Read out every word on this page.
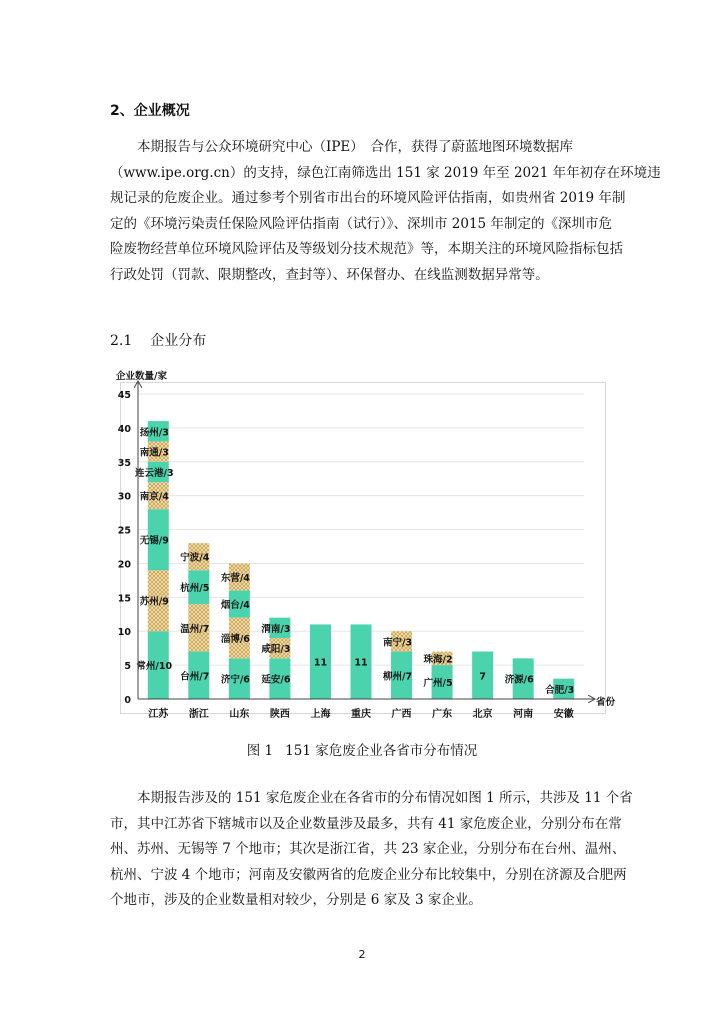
2、企业概况
　　本期报告与公众环境研究中心（IPE）　合作，获得了蔚蓝地图环境数据库
（www.ipe.org.cn）的支持，绿色江南筛选出 151 家 2019 年至 2021 年年初存在环境违
规记录的危废企业。通过参考个别省市出台的环境风险评估指南，如贵州省 2019 年制
定的《环境污染责任保险风险评估指南（试行）》、深圳市 2015 年制定的《深圳市危
险废物经营单位环境风险评估及等级划分技术规范》等，本期关注的环境风险指标包括
行政处罚（罚款、限期整改，查封等）、环保督办、在线监测数据异常等。
2.1 企业分布
常州/10
苏州/9
无锡/9
南京/4
连云港/3
南通/3
扬州/3
台州/7
温州/7
杭州/5
宁波/4
济宁/6
淄博/6
烟台/4
东营/4
延安/6
咸阳/3
渭南/3
11	11
柳州/7
南宁/3
广州/5
珠海/2
7 济源/6
合肥/3
0
5
10
15
20
25
30
35
40
45
企业数量/家
省份
江苏 浙江 山东 陕西 上海 重庆 广西 广东 北京 河南 安徽
图 1 151 家危废企业各省市分布情况
　　本期报告涉及的 151 家危废企业在各省市的分布情况如图 1 所示，共涉及 11 个省
市，其中江苏省下辖城市以及企业数量涉及最多，共有 41 家危废企业，分别分布在常
州、苏州、无锡等 7 个地市；其次是浙江省，共 23 家企业，分别分布在台州、温州、
杭州、宁波 4 个地市；河南及安徽两省的危废企业分布比较集中，分别在济源及合肥两
个地市，涉及的企业数量相对较少，分别是 6 家及 3 家企业。
2
